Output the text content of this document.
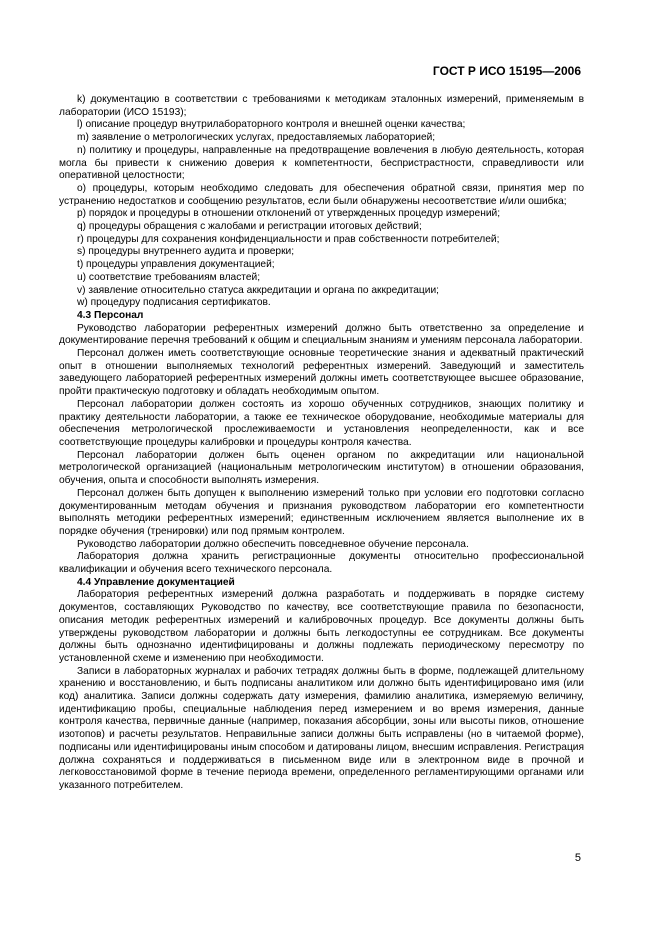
ГОСТ Р ИСО 15195—2006

k) документацию в соответствии с требованиями к методикам эталонных измерений, применяемым в лаборатории (ИСО 15193);

l) описание процедур внутрилабораторного контроля и внешней оценки качества;

m) заявление о метрологических услугах, предоставляемых лабораторией;

n) политику и процедуры, направленные на предотвращение вовлечения в любую деятельность, которая могла бы привести к снижению доверия к компетентности, беспристрастности, справедливости или оперативной целостности;

o) процедуры, которым необходимо следовать для обеспечения обратной связи, принятия мер по устранению недостатков и сообщению результатов, если были обнаружены несоответствие и/или ошибка;

p) порядок и процедуры в отношении отклонений от утвержденных процедур измерений;

q) процедуры обращения с жалобами и регистрации итоговых действий;

r) процедуры для сохранения конфиденциальности и прав собственности потребителей;

s) процедуры внутреннего аудита и проверки;

t) процедуры управления документацией;

u) соответствие требованиям властей;

v) заявление относительно статуса аккредитации и органа по аккредитации;

w) процедуру подписания сертификатов.

4.3 Персонал

Руководство лаборатории референтных измерений должно быть ответственно за определение и документирование перечня требований к общим и специальным знаниям и умениям персонала лаборатории.

Персонал должен иметь соответствующие основные теоретические знания и адекватный практический опыт в отношении выполняемых технологий референтных измерений. Заведующий и заместитель заведующего лабораторией референтных измерений должны иметь соответствующее высшее образование, пройти практическую подготовку и обладать необходимым опытом.

Персонал лаборатории должен состоять из хорошо обученных сотрудников, знающих политику и практику деятельности лаборатории, а также ее техническое оборудование, необходимые материалы для обеспечения метрологической прослеживаемости и установления неопределенности, как и все соответствующие процедуры калибровки и процедуры контроля качества.

Персонал лаборатории должен быть оценен органом по аккредитации или национальной метрологической организацией (национальным метрологическим институтом) в отношении образования, обучения, опыта и способности выполнять измерения.

Персонал должен быть допущен к выполнению измерений только при условии его подготовки согласно документированным методам обучения и признания руководством лаборатории его компетентности выполнять методики референтных измерений; единственным исключением является выполнение их в порядке обучения (тренировки) или под прямым контролем.

Руководство лаборатории должно обеспечить повседневное обучение персонала.

Лаборатория должна хранить регистрационные документы относительно профессиональной квалификации и обучения всего технического персонала.

4.4 Управление документацией

Лаборатория референтных измерений должна разработать и поддерживать в порядке систему документов, составляющих Руководство по качеству, все соответствующие правила по безопасности, описания методик референтных измерений и калибровочных процедур. Все документы должны быть утверждены руководством лаборатории и должны быть легкодоступны ее сотрудникам. Все документы должны быть однозначно идентифицированы и должны подлежать периодическому пересмотру по установленной схеме и изменению при необходимости.

Записи в лабораторных журналах и рабочих тетрадях должны быть в форме, подлежащей длительному хранению и восстановлению, и быть подписаны аналитиком или должно быть идентифицировано имя (или код) аналитика. Записи должны содержать дату измерения, фамилию аналитика, измеряемую величину, идентификацию пробы, специальные наблюдения перед измерением и во время измерения, данные контроля качества, первичные данные (например, показания абсорбции, зоны или высоты пиков, отношение изотопов) и расчеты результатов. Неправильные записи должны быть исправлены (но в читаемой форме), подписаны или идентифицированы иным способом и датированы лицом, внесшим исправления. Регистрация должна сохраняться и поддерживаться в письменном виде или в электронном виде в прочной и легковосстановимой форме в течение периода времени, определенного регламентирующими органами или указанного потребителем.

5
